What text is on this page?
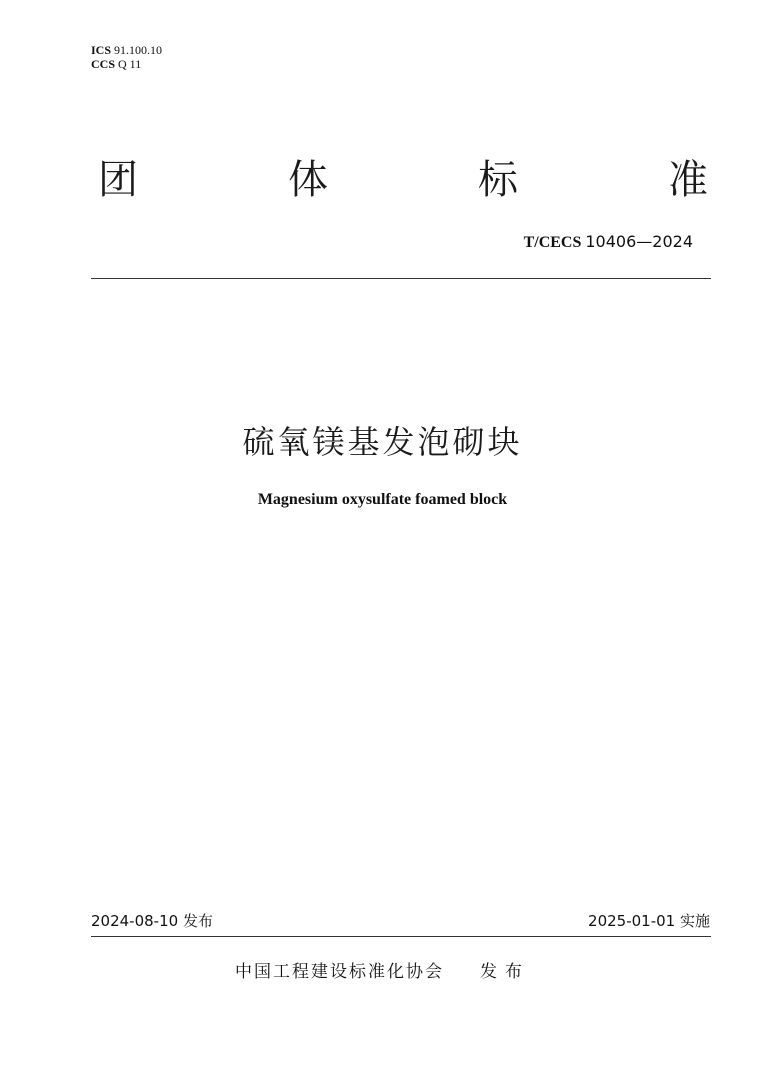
ICS 91.100.10
CCS Q 11
团	体	标	准
T/CECS 10406—2024
硫氧镁基发泡砌块
Magnesium oxysulfate foamed block
2024-08-10 发布	2025-01-01 实施
中国工程建设标准化协会 发布
